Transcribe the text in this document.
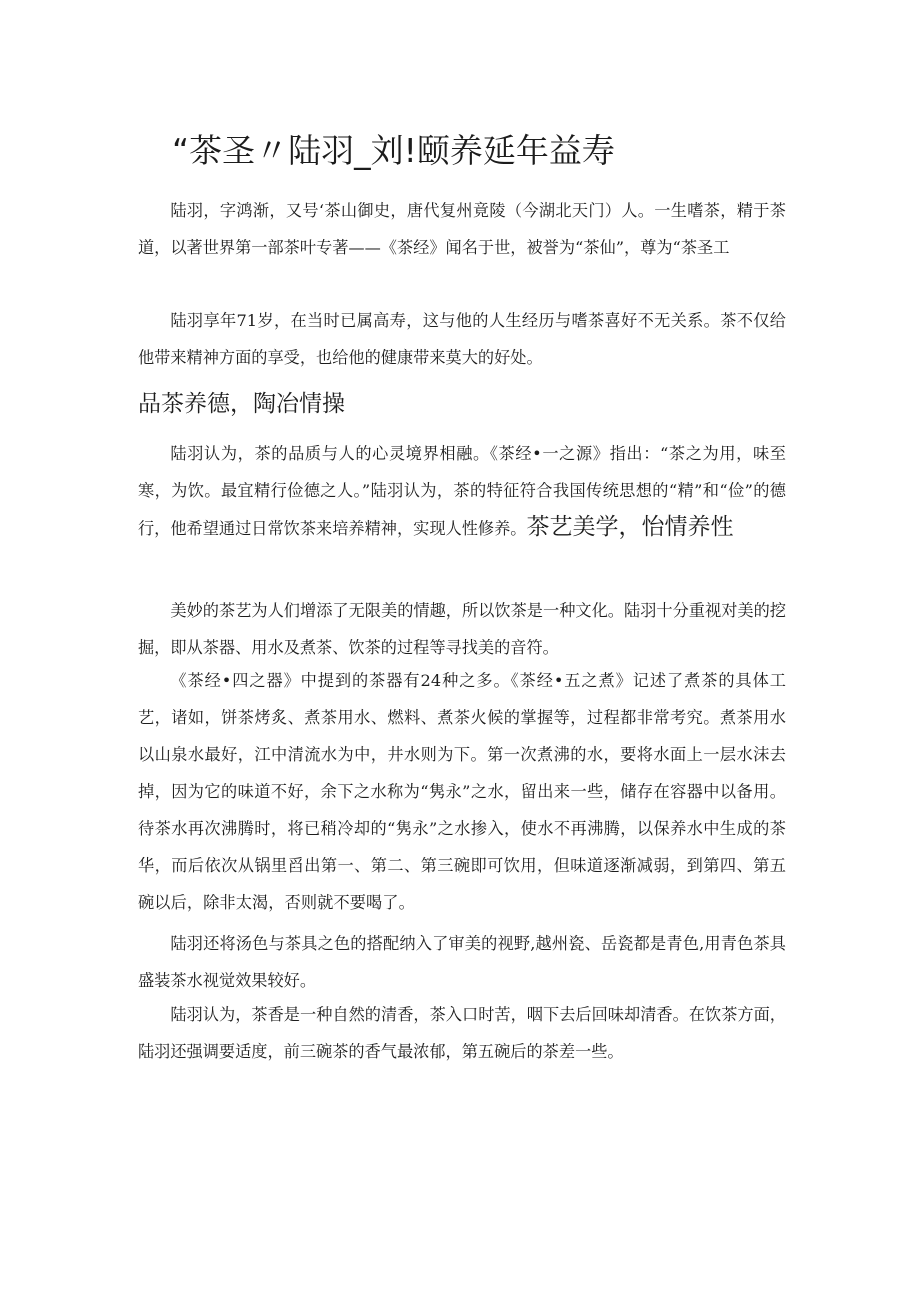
“茶圣〃陆羽_刘!颐养延年益寿

陆羽，字鸿渐，又号‘茶山御史，唐代复州竟陵（今湖北天门）人。一生嗜茶，精于茶道，以著世界第一部茶叶专著——《茶经》闻名于世，被誉为“茶仙”，尊为“茶圣工

陆羽享年71岁，在当时已属高寿，这与他的人生经历与嗜茶喜好不无关系。茶不仅给他带来精神方面的享受，也给他的健康带来莫大的好处。

品茶养德，陶冶情操

陆羽认为，茶的品质与人的心灵境界相融。《茶经•一之源》指出：“茶之为用，味至寒，为饮。最宜精行俭德之人。”陆羽认为，茶的特征符合我国传统思想的“精”和“俭”的德行，他希望通过日常饮茶来培养精神，实现人性修养。茶艺美学，怡情养性

美妙的茶艺为人们增添了无限美的情趣，所以饮茶是一种文化。陆羽十分重视对美的挖掘，即从茶器、用水及煮茶、饮茶的过程等寻找美的音符。

《茶经•四之器》中提到的茶器有24种之多。《茶经•五之煮》记述了煮茶的具体工艺，诸如，饼茶烤炙、煮茶用水、燃料、煮茶火候的掌握等，过程都非常考究。煮茶用水以山泉水最好，江中清流水为中，井水则为下。第一次煮沸的水，要将水面上一层水沫去掉，因为它的味道不好，余下之水称为“隽永”之水，留出来一些，储存在容器中以备用。待茶水再次沸腾时，将已稍冷却的“隽永”之水掺入，使水不再沸腾，以保养水中生成的茶华，而后依次从锅里舀出第一、第二、第三碗即可饮用，但味道逐渐减弱，到第四、第五碗以后，除非太渴，否则就不要喝了。

陆羽还将汤色与茶具之色的搭配纳入了审美的视野,越州瓷、岳瓷都是青色,用青色茶具盛装茶水视觉效果较好。

陆羽认为，茶香是一种自然的清香，茶入口时苦，咽下去后回味却清香。在饮茶方面，陆羽还强调要适度，前三碗茶的香气最浓郁，第五碗后的茶差一些。
